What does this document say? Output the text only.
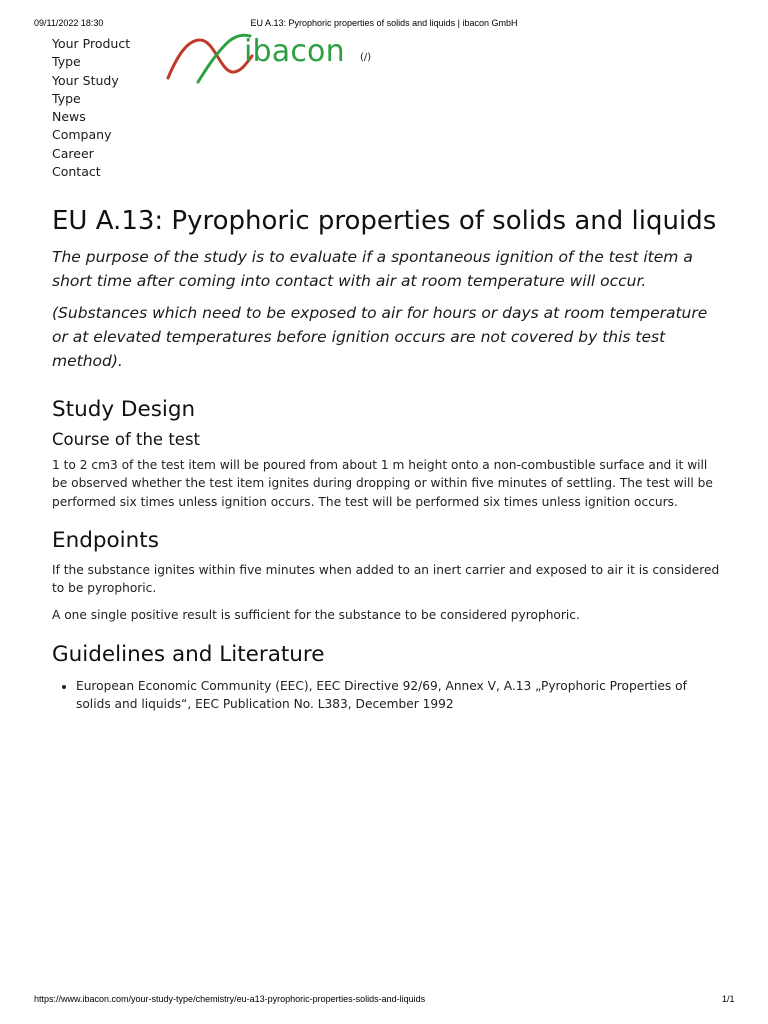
09/11/2022 18:30	EU A.13: Pyrophoric properties of solids and liquids | ibacon GmbH
Your Product
Type
Your Study
Type
News
Company
Career
Contact
ibacon (/)
EU A.13: Pyrophoric properties of solids and liquids

The purpose of the study is to evaluate if a spontaneous ignition of the test item a short time after coming into contact with air at room temperature will occur.

(Substances which need to be exposed to air for hours or days at room temperature or at elevated temperatures before ignition occurs are not covered by this test method).

Study Design
Course of the test

1 to 2 cm3 of the test item will be poured from about 1 m height onto a non-combustible surface and it will be observed whether the test item ignites during dropping or within five minutes of settling. The test will be performed six times unless ignition occurs. The test will be performed six times unless ignition occurs.

Endpoints

If the substance ignites within five minutes when added to an inert carrier and exposed to air it is considered to be pyrophoric.

A one single positive result is sufficient for the substance to be considered pyrophoric.

Guidelines and Literature
• European Economic Community (EEC), EEC Directive 92/69, Annex V, A.13 „Pyrophoric Properties of solids and liquids“, EEC Publication No. L383, December 1992
https://www.ibacon.com/your-study-type/chemistry/eu-a13-pyrophoric-properties-solids-and-liquids	1/1
